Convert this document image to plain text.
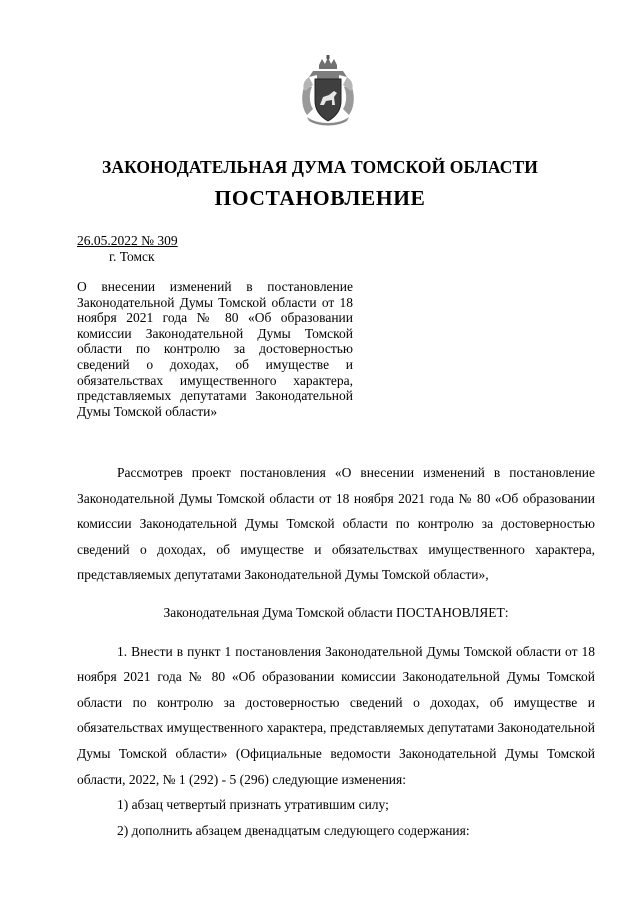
ЗАКОНОДАТЕЛЬНАЯ ДУМА ТОМСКОЙ ОБЛАСТИ
ПОСТАНОВЛЕНИЕ
26.05.2022 № 309
г. Томск
О внесении изменений в постановление Законодательной Думы Томской области от 18 ноября 2021 года № 80 «Об образовании комиссии Законодательной Думы Томской области по контролю за достоверностью сведений о доходах, об имуществе и обязательствах имущественного характера, представляемых депутатами Законодательной Думы Томской области»

Рассмотрев проект постановления «О внесении изменений в постановление Законодательной Думы Томской области от 18 ноября 2021 года № 80 «Об образовании комиссии Законодательной Думы Томской области по контролю за достоверностью сведений о доходах, об имуществе и обязательствах имущественного характера, представляемых депутатами Законодательной Думы Томской области»,

Законодательная Дума Томской области ПОСТАНОВЛЯЕТ:

1. Внести в пункт 1 постановления Законодательной Думы Томской области от 18 ноября 2021 года № 80 «Об образовании комиссии Законодательной Думы Томской области по контролю за достоверностью сведений о доходах, об имуществе и обязательствах имущественного характера, представляемых депутатами Законодательной Думы Томской области» (Официальные ведомости Законодательной Думы Томской области, 2022, № 1 (292) - 5 (296) следующие изменения:

1) абзац четвертый признать утратившим силу;

2) дополнить абзацем двенадцатым следующего содержания:
